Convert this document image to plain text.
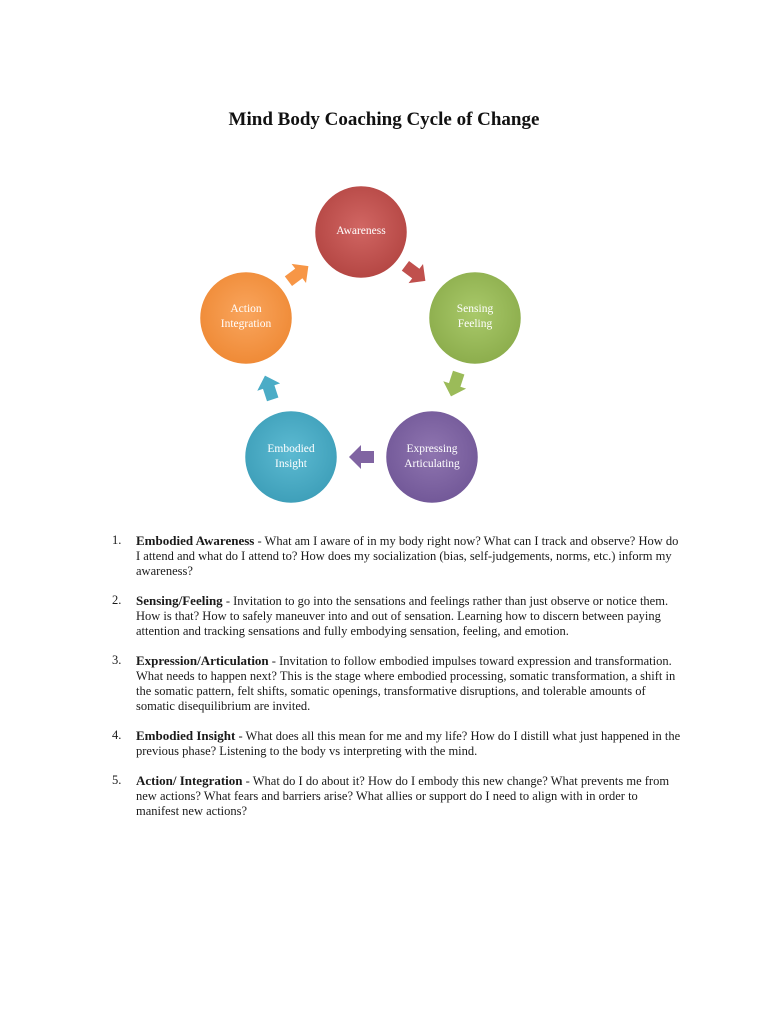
Mind Body Coaching Cycle of Change
Awareness
Sensing
Feeling
Expressing
Articulating
Embodied
Insight
Action
Integration
1. Embodied Awareness - What am I aware of in my body right now? What can I track and observe? How do I attend and what do I attend to? How does my socialization (bias, self-judgements, norms, etc.) inform my awareness?
2. Sensing/Feeling - Invitation to go into the sensations and feelings rather than just observe or notice them. How is that? How to safely maneuver into and out of sensation. Learning how to discern between paying attention and tracking sensations and fully embodying sensation, feeling, and emotion.
3. Expression/Articulation - Invitation to follow embodied impulses toward expression and transformation. What needs to happen next? This is the stage where embodied processing, somatic transformation, a shift in the somatic pattern, felt shifts, somatic openings, transformative disruptions, and tolerable amounts of somatic disequilibrium are invited.
4. Embodied Insight - What does all this mean for me and my life? How do I distill what just happened in the previous phase? Listening to the body vs interpreting with the mind.
5. Action/ Integration - What do I do about it? How do I embody this new change? What prevents me from new actions? What fears and barriers arise? What allies or support do I need to align with in order to manifest new actions?
